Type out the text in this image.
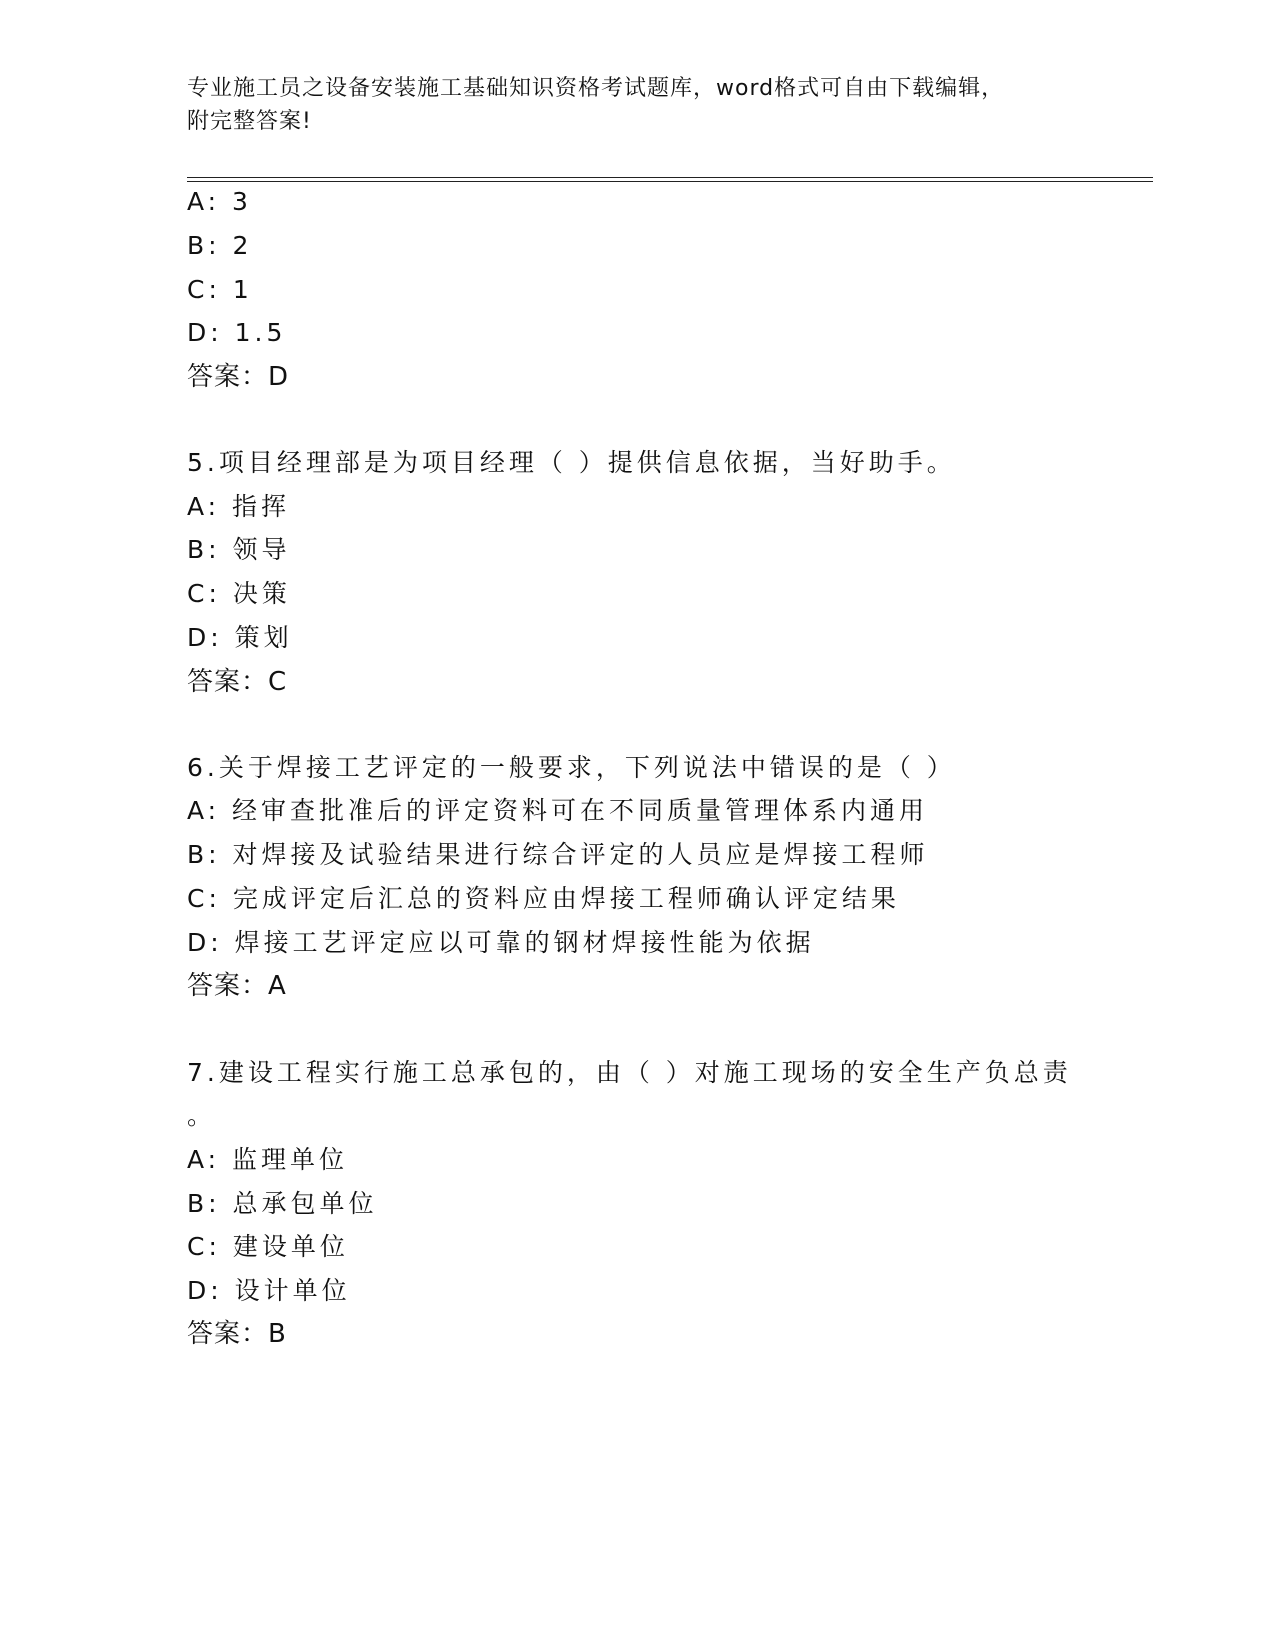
专业施工员之设备安装施工基础知识资格考试题库，word格式可自由下载编辑，
附完整答案!
A: 3
B: 2
C: 1
D: 1.5
答案：D
5.项目经理部是为项目经理（ ）提供信息依据，当好助手。
A: 指挥
B: 领导
C: 决策
D: 策划
答案：C
6.关于焊接工艺评定的一般要求，下列说法中错误的是（ ）
A: 经审查批准后的评定资料可在不同质量管理体系内通用
B: 对焊接及试验结果进行综合评定的人员应是焊接工程师
C: 完成评定后汇总的资料应由焊接工程师确认评定结果
D: 焊接工艺评定应以可靠的钢材焊接性能为依据
答案：A
7.建设工程实行施工总承包的，由（ ）对施工现场的安全生产负总责
。
A: 监理单位
B: 总承包单位
C: 建设单位
D: 设计单位
答案：B
